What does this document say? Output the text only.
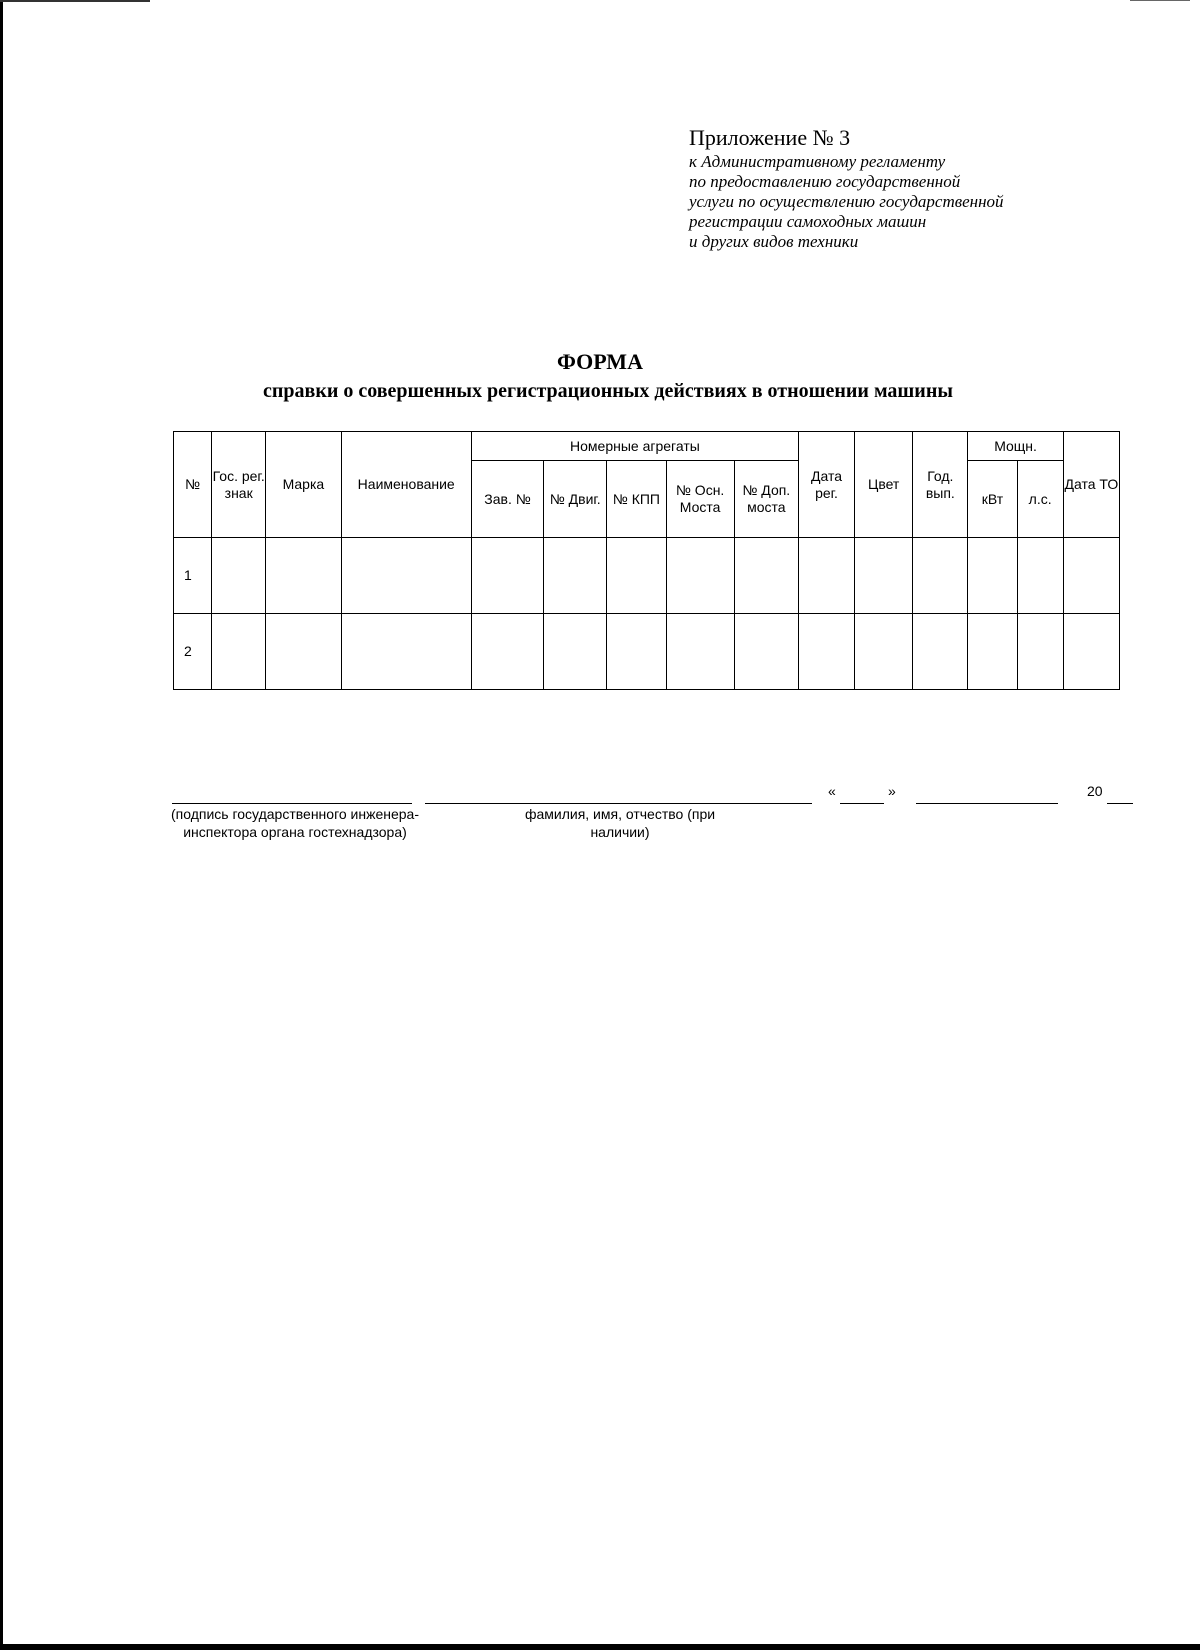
Приложение № 3
к Административному регламенту
по предоставлению государственной
услуги по осуществлению государственной
регистрации самоходных машин
и других видов техники
ФОРМА
справки о совершенных регистрационных действиях в отношении машины
№	Гос. рег. знак	Марка	Наименование	Номерные агрегаты					Дата рег.	Цвет	Год. вып.	Мощн.		Дата ТО
				Зав. №	№ Двиг.	№ КПП	№ Осн. Моста	№ Доп. моста				кВт	л.с.	
1														
2														
(подпись государственного инженера-инспектора органа гостехнадзора)
фамилия, имя, отчество (при наличии)
«	»	20
